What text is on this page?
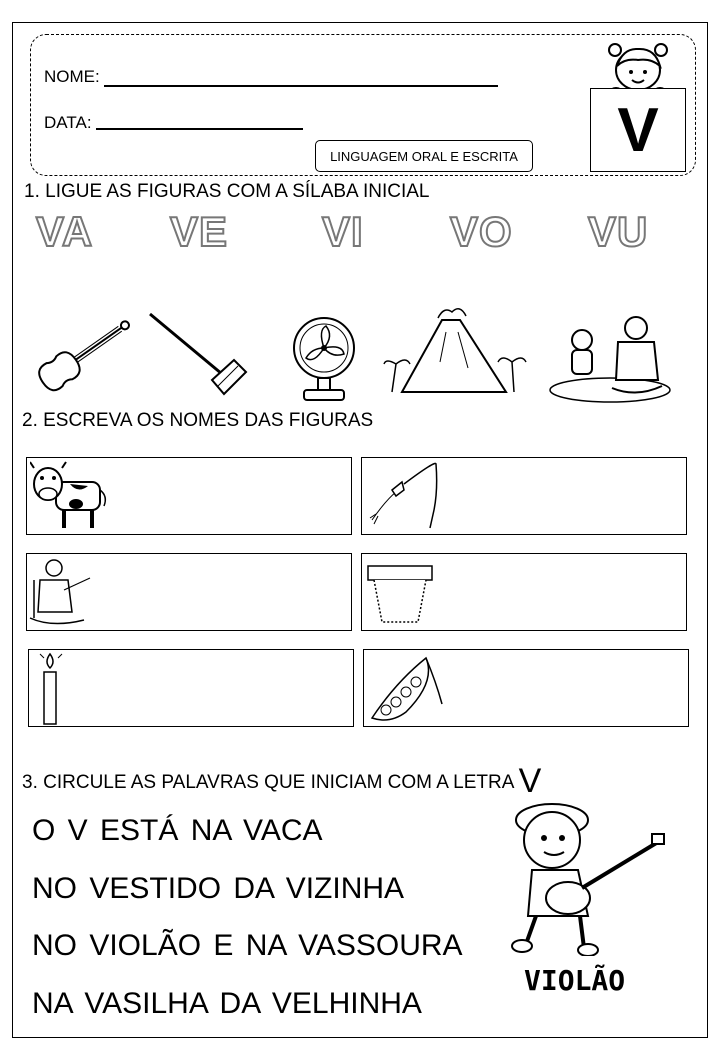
NOME:
DATA:
LINGUAGEM ORAL E ESCRITA	V
1. LIGUE AS FIGURAS COM A SÍLABA INICIAL
VA VE VI VO VU
2. ESCREVA OS NOMES DAS FIGURAS
3. CIRCULE AS PALAVRAS QUE INICIAM COM A LETRA V
O V ESTÁ NA VACA
NO VESTIDO DA VIZINHA
NO VIOLÃO E NA VASSOURA
NA VASILHA DA VELHINHA
VIOLÃO
